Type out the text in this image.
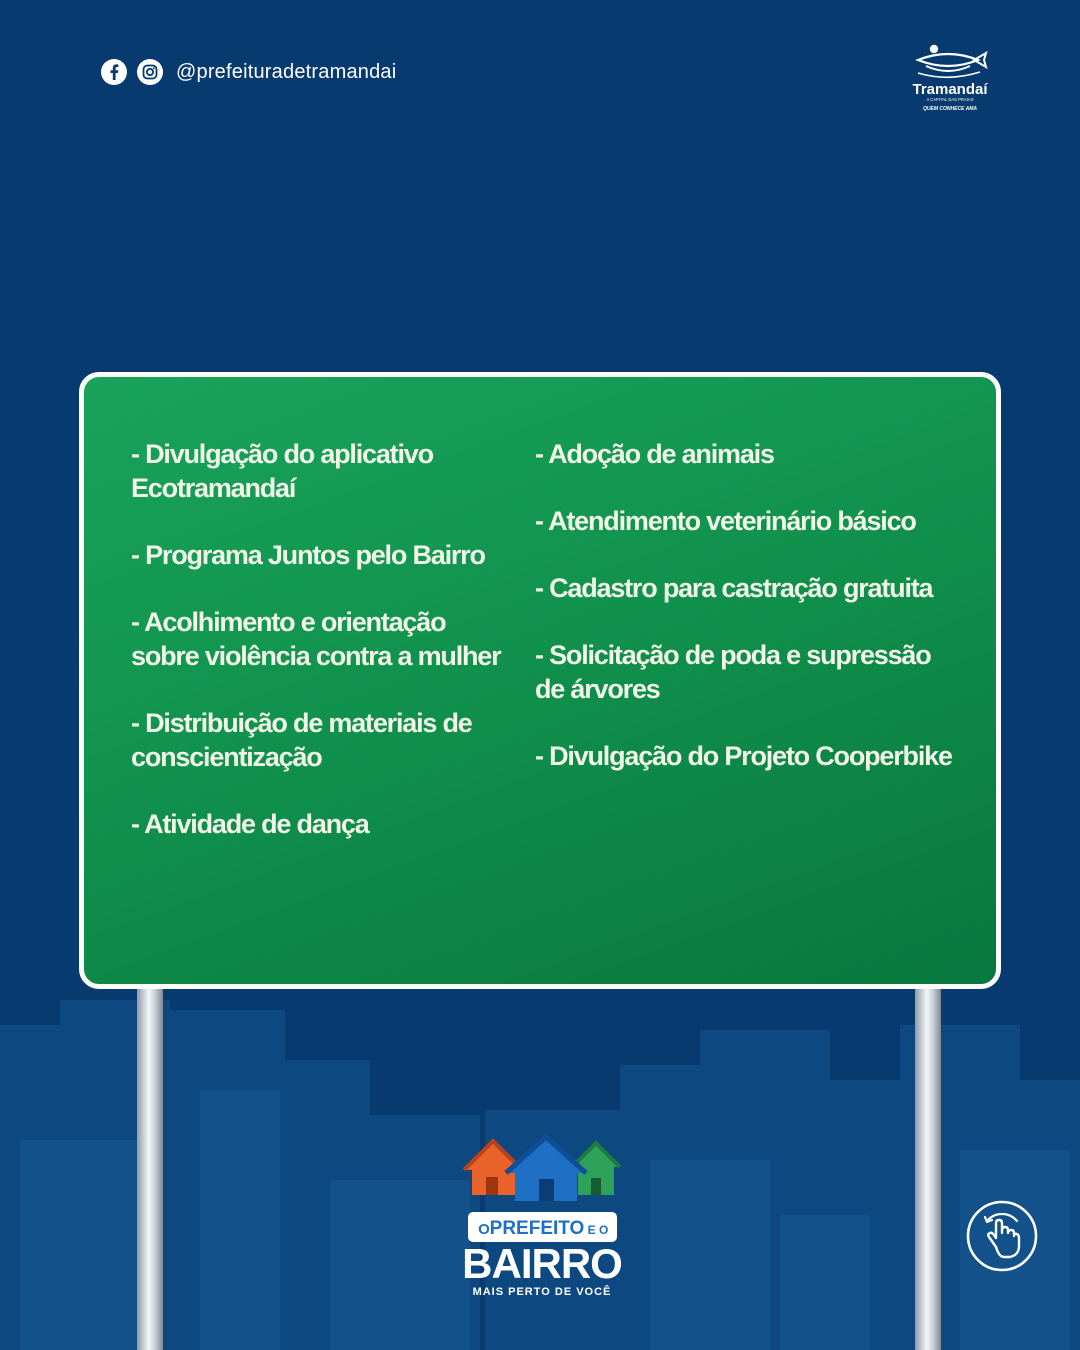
@prefeituradetramandai
Tramandaí
A CAPITAL DAS PRAIAS
QUEM CONHECE AMA

- Divulgação do aplicativo Ecotramandaí

- Programa Juntos pelo Bairro

- Acolhimento e orientação sobre violência contra a mulher

- Distribuição de materiais de conscientização

- Atividade de dança

- Adoção de animais

- Atendimento veterinário básico

- Cadastro para castração gratuita

- Solicitação de poda e supressão de árvores

- Divulgação do Projeto Cooperbike

O PREFEITO E O
BAIRRO
MAIS PERTO DE VOCÊ
